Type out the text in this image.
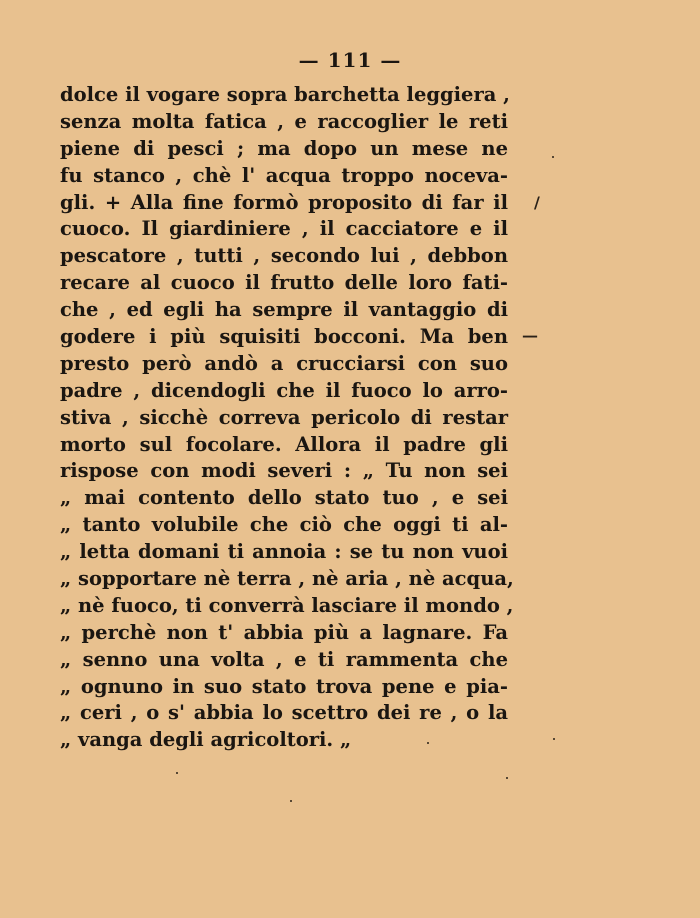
— 111 —
dolce il vogare sopra barchetta leggiera ,
senza molta fatica , e raccoglier le reti
piene di pesci ; ma dopo un mese ne
fu stanco , chè l' acqua troppo noceva-
gli. + Alla fine formò proposito di far il
cuoco. Il giardiniere , il cacciatore e il
pescatore , tutti , secondo lui , debbon
recare al cuoco il frutto delle loro fati-
che , ed egli ha sempre il vantaggio di
godere i più squisiti bocconi. Ma ben
presto però andò a crucciarsi con suo
padre , dicendogli che il fuoco lo arro-
stiva , sicchè correva pericolo di restar
morto sul focolare. Allora il padre gli
rispose con modi severi : „ Tu non sei
„ mai contento dello stato tuo , e sei
„ tanto volubile che ciò che oggi ti al-
„ letta domani ti annoia : se tu non vuoi
„ sopportare nè terra , nè aria , nè acqua,
„ nè fuoco, ti converrà lasciare il mondo ,
„ perchè non t' abbia più a lagnare. Fa
„ senno una volta , e ti rammenta che
„ ognuno in suo stato trova pene e pia-
„ ceri , o s' abbia lo scettro dei re , o la
„ vanga degli agricoltori. „
/
—
